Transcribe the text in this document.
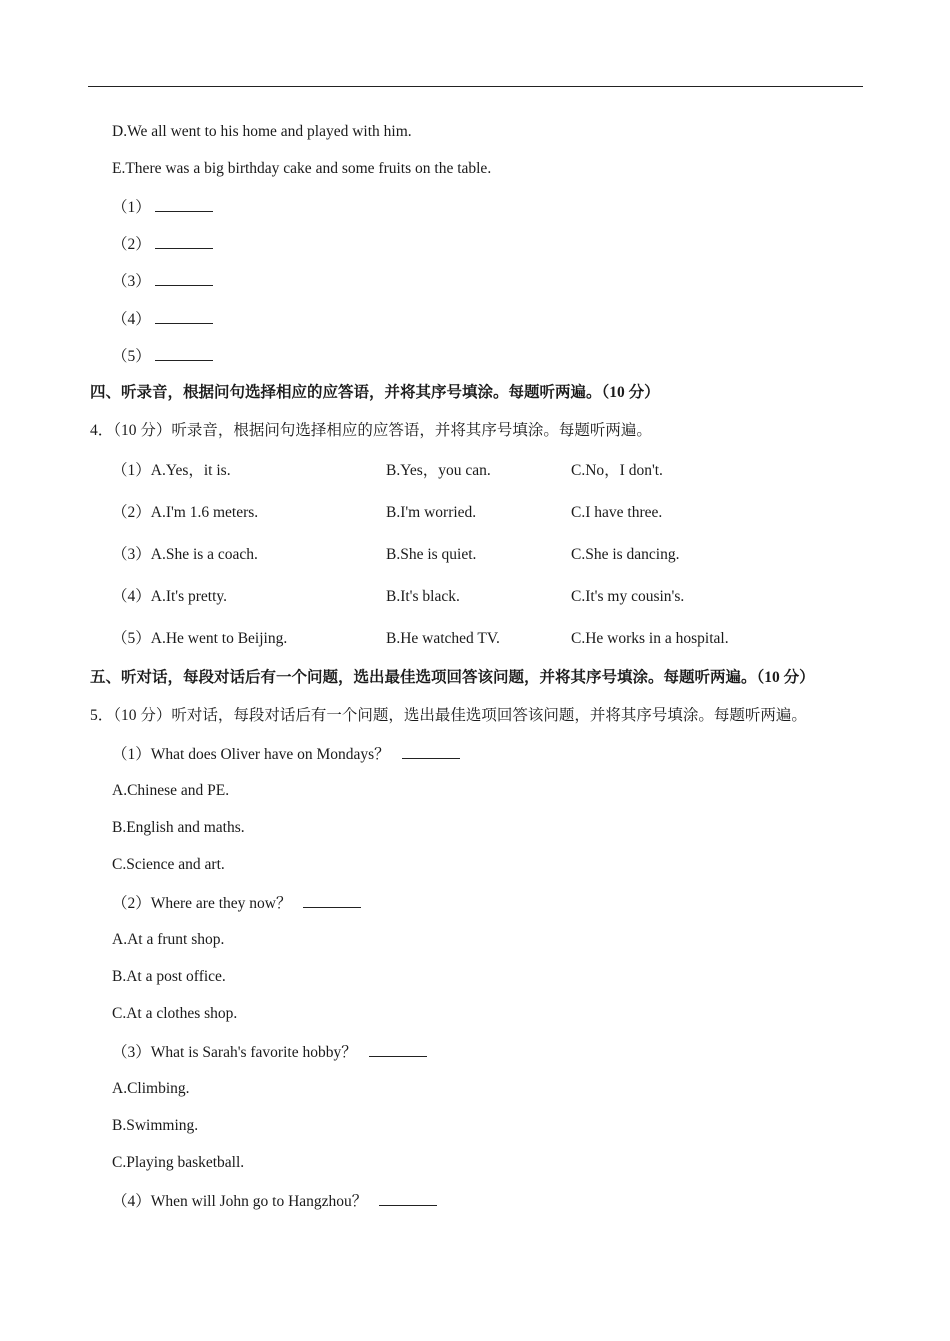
D.We all went to his home and played with him.
E.There was a big birthday cake and some fruits on the table.
（1）
（2）
（3）
（4）
（5）
四、听录音，根据问句选择相应的应答语，并将其序号填涂。每题听两遍。（10 分）
4．（10 分）听录音，根据问句选择相应的应答语，并将其序号填涂。每题听两遍。
（1）A.Yes，it is.	B.Yes，you can.	C.No，I don't.
（2）A.I'm 1.6 meters.	B.I'm worried.	C.I have three.
（3）A.She is a coach.	B.She is quiet.	C.She is dancing.
（4）A.It's pretty.	B.It's black.	C.It's my cousin's.
（5）A.He went to Beijing.	B.He watched TV.	C.He works in a hospital.
五、听对话，每段对话后有一个问题，选出最佳选项回答该问题，并将其序号填涂。每题听两遍。（10 分）
5．（10 分）听对话，每段对话后有一个问题，选出最佳选项回答该问题，并将其序号填涂。每题听两遍。
（1）What does Oliver have on Mondays？
A.Chinese and PE.
B.English and maths.
C.Science and art.
（2）Where are they now？
A.At a frunt shop.
B.At a post office.
C.At a clothes shop.
（3）What is Sarah's favorite hobby？
A.Climbing.
B.Swimming.
C.Playing basketball.
（4）When will John go to Hangzhou？
